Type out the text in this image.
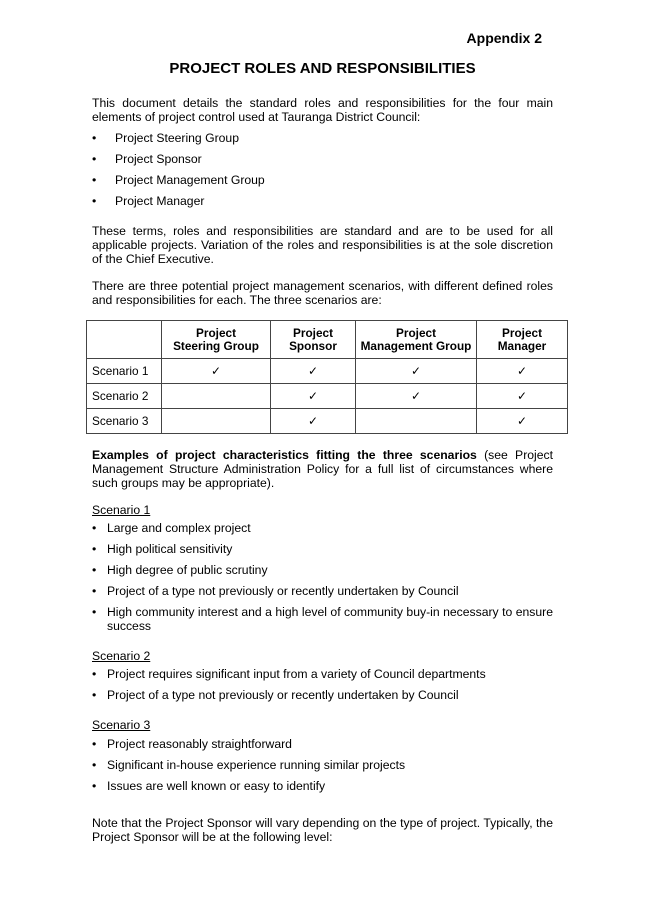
Appendix 2
PROJECT ROLES AND RESPONSIBILITIES
This document details the standard roles and responsibilities for the four main elements of project control used at Tauranga District Council:
• Project Steering Group
• Project Sponsor
• Project Management Group
• Project Manager
These terms, roles and responsibilities are standard and are to be used for all applicable projects. Variation of the roles and responsibilities is at the sole discretion of the Chief Executive.
There are three potential project management scenarios, with different defined roles and responsibilities for each. The three scenarios are:

	Project Steering Group	Project Sponsor	Project Management Group	Project Manager

Scenario 1	✓	✓	✓	✓
Scenario 2		✓	✓	✓
Scenario 3		✓		✓
Examples of project characteristics fitting the three scenarios (see Project Management Structure Administration Policy for a full list of circumstances where such groups may be appropriate).
Scenario 1
• Large and complex project
• High political sensitivity
• High degree of public scrutiny
• Project of a type not previously or recently undertaken by Council
• High community interest and a high level of community buy-in necessary to ensure success
Scenario 2
• Project requires significant input from a variety of Council departments
• Project of a type not previously or recently undertaken by Council
Scenario 3
• Project reasonably straightforward
• Significant in-house experience running similar projects
• Issues are well known or easy to identify
Note that the Project Sponsor will vary depending on the type of project. Typically, the Project Sponsor will be at the following level:
